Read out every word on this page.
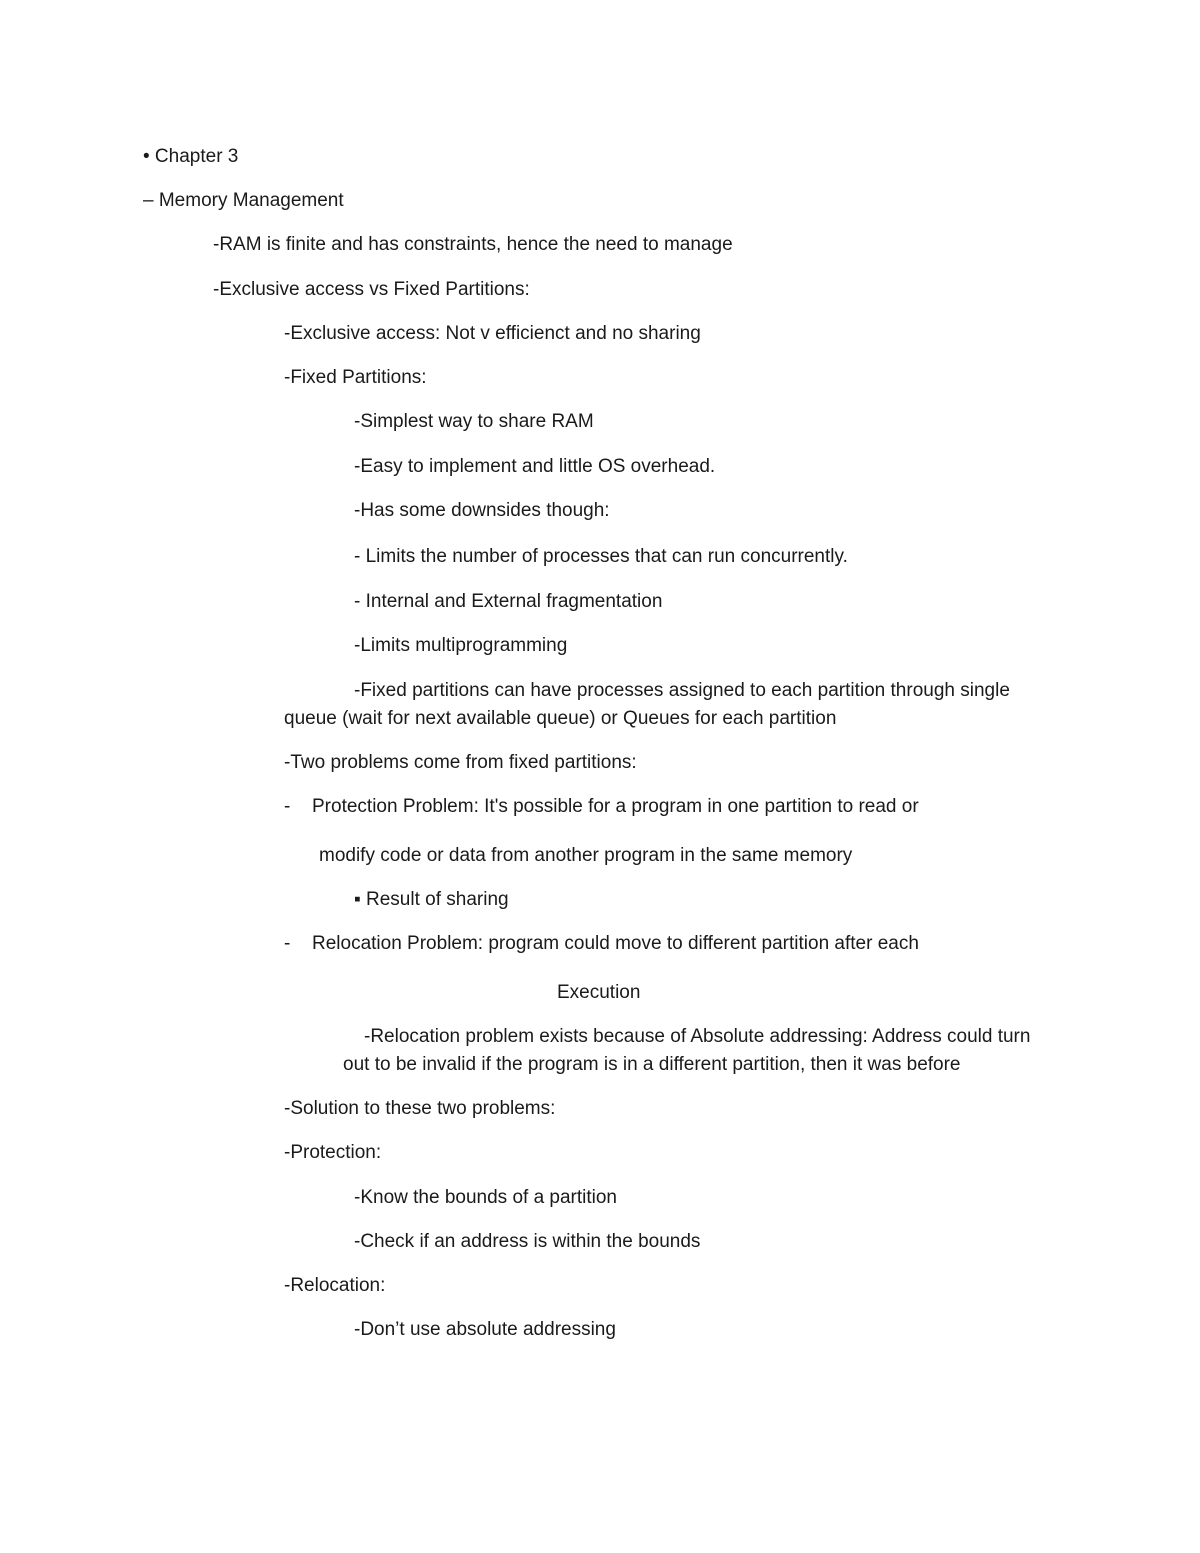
• Chapter 3
– Memory Management
-RAM is finite and has constraints, hence the need to manage
-Exclusive access vs Fixed Partitions:
-Exclusive access: Not v efficienct and no sharing
-Fixed Partitions:
-Simplest way to share RAM
-Easy to implement and little OS overhead.
-Has some downsides though:
- Limits the number of processes that can run concurrently.
- Internal and External fragmentation
-Limits multiprogramming
-Fixed partitions can have processes assigned to each partition through single
queue (wait for next available queue) or Queues for each partition
-Two problems come from fixed partitions:
- Protection Problem: It's possible for a program in one partition to read or
modify code or data from another program in the same memory
▪ Result of sharing
- Relocation Problem: program could move to different partition after each
Execution
-Relocation problem exists because of Absolute addressing: Address could turn
out to be invalid if the program is in a different partition, then it was before
-Solution to these two problems:
-Protection:
-Know the bounds of a partition
-Check if an address is within the bounds
-Relocation:
-Don’t use absolute addressing
